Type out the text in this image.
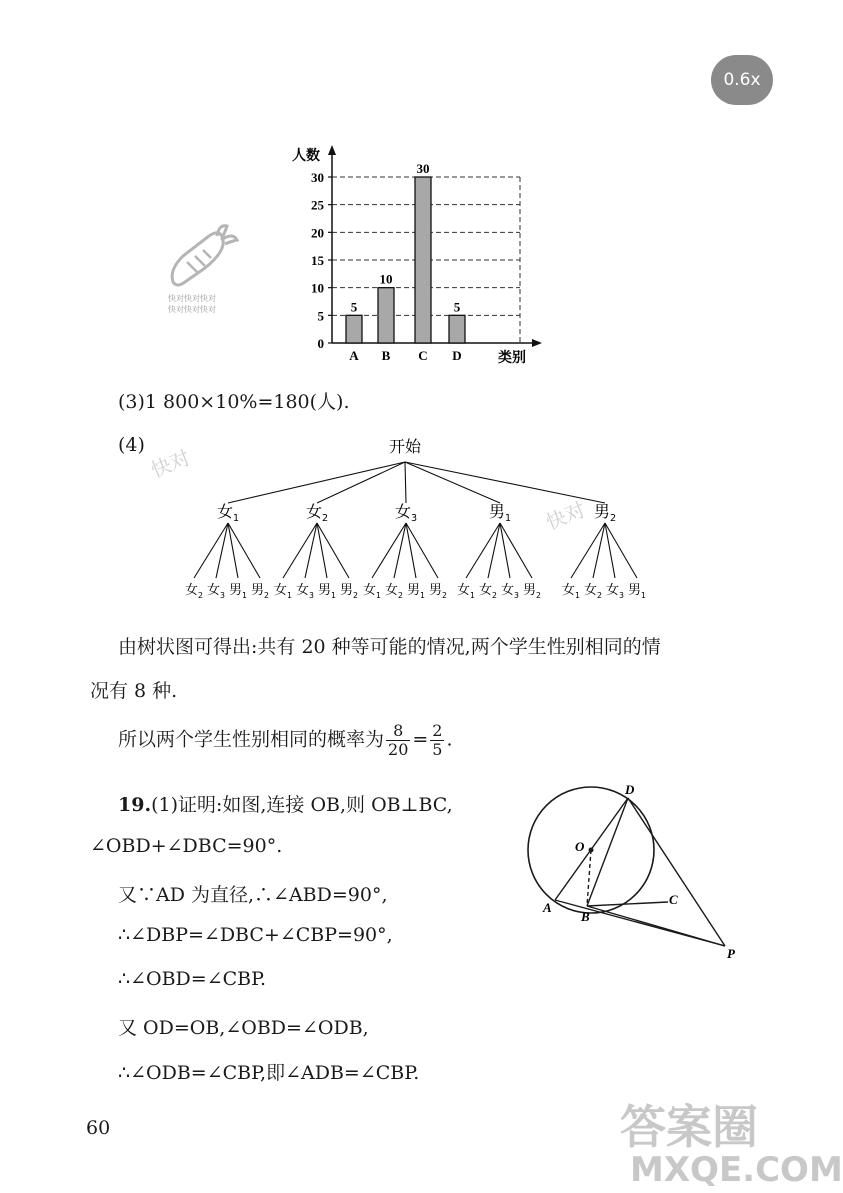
0.6x
快对快对快对
快对快对快对
快对
快对
0
5
10
15
20
25
30
人数
类别
5
A
10
B
30
C
5
D
(3)1 800×10%=180(人).
(4)	开始
女$_1$
女$_2$ 女$_3$ 男$_1$ 男$_2$
女$_2$
女$_1$ 女$_3$ 男$_1$ 男$_2$
女$_3$
女$_1$ 女$_2$ 男$_1$ 男$_2$
男$_1$
女$_1$ 女$_2$ 女$_3$ 男$_2$
男$_2$
女$_1$ 女$_2$ 女$_3$ 男$_1$
由树状图可得出:共有 20 种等可能的情况,两个学生性别相同的情
况有 8 种.
所以两个学生性别相同的概率为 $\frac{8}{20} = \frac{2}{5}$ .
19.(1)证明:如图,连接 OB,则 OB⊥BC,
∠OBD+∠DBC=90°.
又∵AD 为直径,∴∠ABD=90°,
∴∠DBP=∠DBC+∠CBP=90°,
∴∠OBD=∠CBP.
又 OD=OB,∠OBD=∠ODB,
∴∠ODB=∠CBP,即∠ADB=∠CBP.
D
O
A
B
C
P
60	答案圈
MXQE.COM
